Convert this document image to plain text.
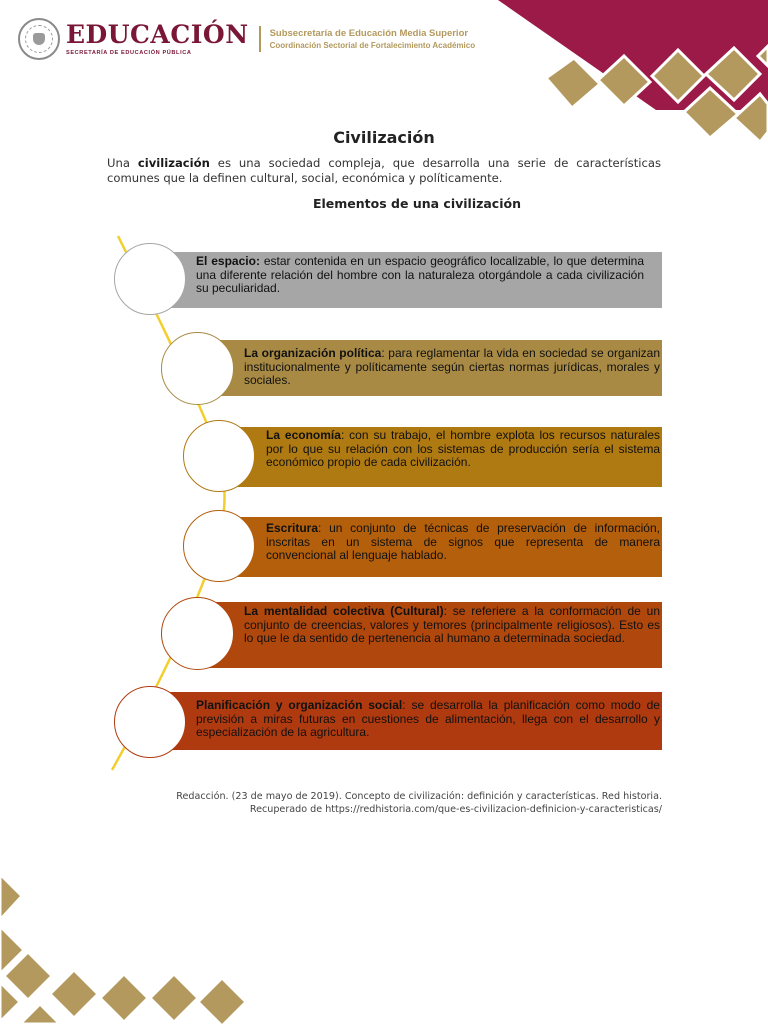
EDUCACIÓN
SECRETARÍA DE EDUCACIÓN PÚBLICA
Subsecretaría de Educación Media Superior
Coordinación Sectorial de Fortalecimiento Académico
Civilización

Una civilización es una sociedad compleja, que desarrolla una serie de características comunes que la definen cultural, social, económica y políticamente.

Elementos de una civilización
El espacio: estar contenida en un espacio geográfico localizable, lo que determina una diferente relación del hombre con la naturaleza otorgándole a cada civilización su peculiaridad.
La organización política: para reglamentar la vida en sociedad se organizan institucionalmente y políticamente según ciertas normas jurídicas, morales y sociales.
La economía: con su trabajo, el hombre explota los recursos naturales por lo que su relación con los sistemas de producción sería el sistema económico propio de cada civilización.
Escritura: un conjunto de técnicas de preservación de información, inscritas en un sistema de signos que representa de manera convencional al lenguaje hablado.
La mentalidad colectiva (Cultural): se referiere a la conformación de un conjunto de creencias, valores y temores (principalmente religiosos). Esto es lo que le da sentido de pertenencia al humano a determinada sociedad.
Planificación y organización social: se desarrolla la planificación como modo de previsión a miras futuras en cuestiones de alimentación, llega con el desarrollo y especialización de la agricultura.
Redacción. (23 de mayo de 2019). Concepto de civilización: definición y características. Red historia.
Recuperado de https://redhistoria.com/que-es-civilizacion-definicion-y-caracteristicas/
